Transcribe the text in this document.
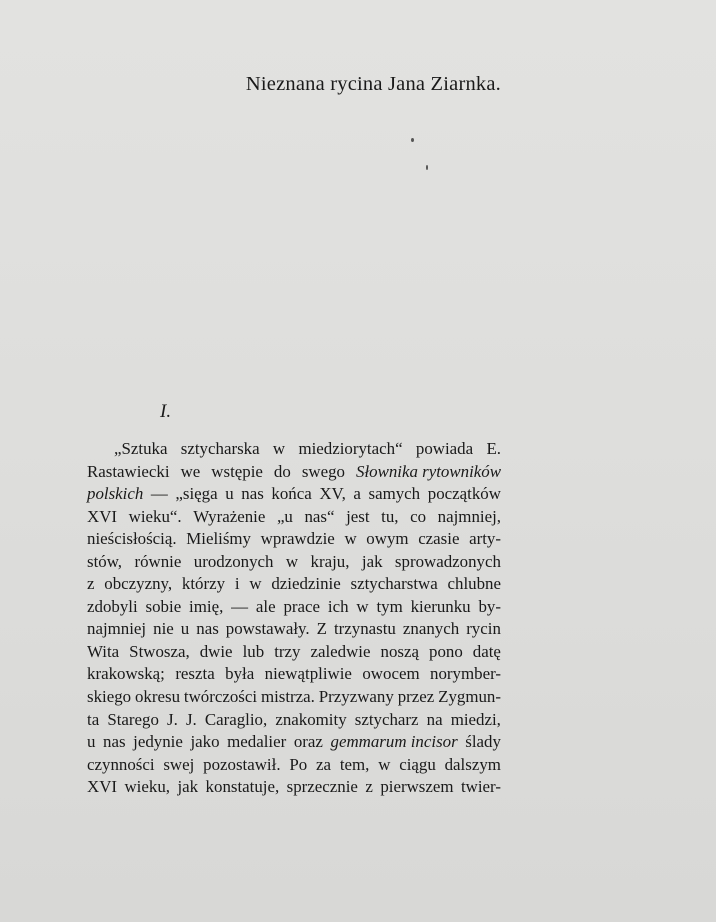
Nieznana rycina Jana Ziarnka.
I.
„Sztuka sztycharska w miedziorytach“ powiada E.
Rastawiecki we wstępie do swego Słownika rytowników
polskich — „sięga u nas końca XV, a samych początków
XVI wieku“. Wyrażenie „u nas“ jest tu, co najmniej,
nieścisłością. Mieliśmy wprawdzie w owym czasie arty-
stów, równie urodzonych w kraju, jak sprowadzonych
z obczyzny, którzy i w dziedzinie sztycharstwa chlubne
zdobyli sobie imię, — ale prace ich w tym kierunku by-
najmniej nie u nas powstawały. Z trzynastu znanych rycin
Wita Stwosza, dwie lub trzy zaledwie noszą pono datę
krakowską; reszta była niewątpliwie owocem norymber-
skiego okresu twórczości mistrza. Przyzwany przez Zygmun-
ta Starego J. J. Caraglio, znakomity sztycharz na miedzi,
u nas jedynie jako medalier oraz gemmarum incisor ślady
czynności swej pozostawił. Po za tem, w ciągu dalszym
XVI wieku, jak konstatuje, sprzecznie z pierwszem twier-
